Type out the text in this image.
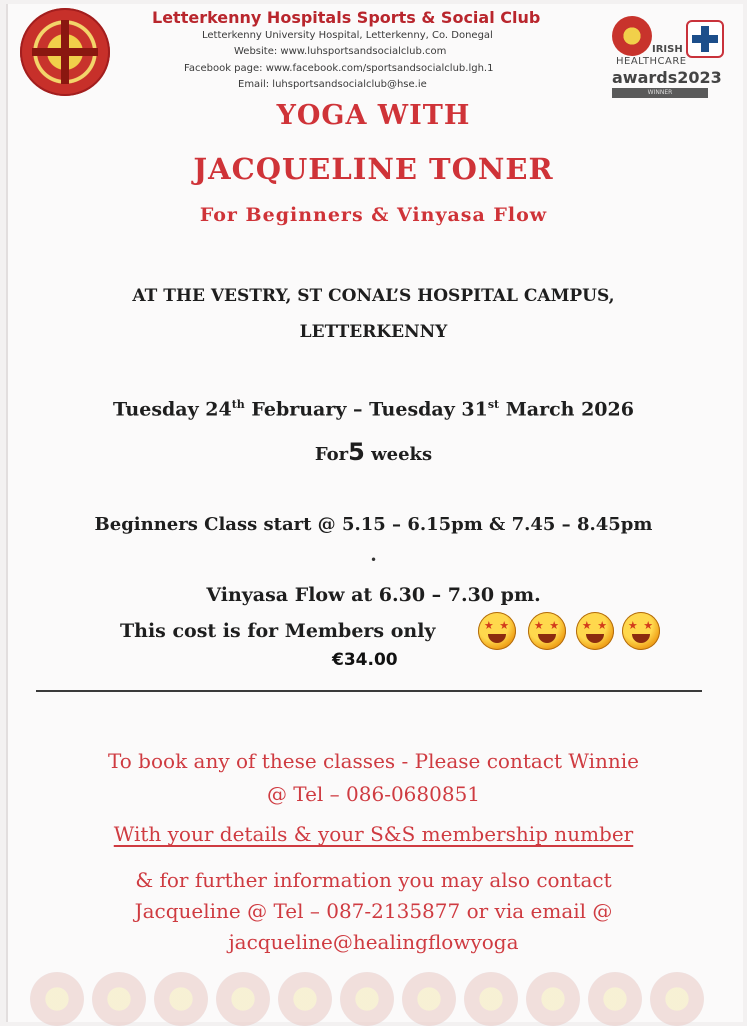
Letterkenny Hospitals Sports & Social Club

Letterkenny University Hospital, Letterkenny, Co. Donegal

Website: www.luhsportsandsocialclub.com

Facebook page: www.facebook.com/sportsandsocialclub.lgh.1

Email: luhsportsandsocialclub@hse.ie

IRISH
HEALTHCARE
awards2023
WINNER

YOGA WITH

JACQUELINE TONER

For Beginners & Vinyasa Flow

AT THE VESTRY, ST CONAL’S HOSPITAL CAMPUS,

LETTERKENNY

Tuesday 24th February – Tuesday 31st March 2026

For5 weeks

Beginners Class start @ 5.15 – 6.15pm & 7.45 – 8.45pm

•

Vinyasa Flow at 6.30 – 7.30 pm.

This cost is for Members only

★ ★
★ ★
★ ★
★ ★

€34.00

To book any of these classes - Please contact Winnie

@ Tel – 086-0680851

With your details & your S&S membership number

& for further information you may also contact

Jacqueline @ Tel – 087-2135877 or via email @

jacqueline@healingflowyoga
